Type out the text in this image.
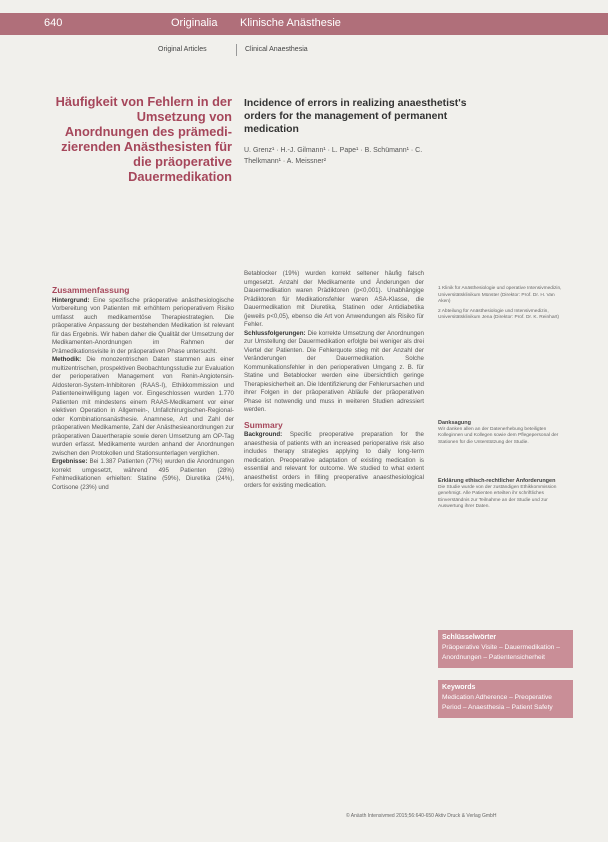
640	Originalia Klinische Anästhesie
Original Articles	Clinical Anaesthesia
Häufigkeit von Fehlern in der Umsetzung von Anordnungen des prämedi-zierenden Anästhesisten für die präoperative Dauermedikation
Incidence of errors in realizing anaesthetist's orders for the management of permanent medication
U. Grenz¹ · H.-J. Gilmann¹ · L. Pape¹ · B. Schümann¹ · C. Thelkmann¹ · A. Meissner²
Zusammenfassung

Hintergrund: Eine spezifische präoperative anästhesiologische Vorbereitung von Patienten mit erhöhtem perioperativem Risiko umfasst auch medikamentöse Therapiestrategien. Die präoperative Anpassung der bestehenden Medikation ist relevant für das Ergebnis. Wir haben daher die Qualität der Umsetzung der Medikamenten-Anordnungen im Rahmen der Prämedikationsvisite in der präoperativen Phase untersucht.

Methodik: Die monozentrischen Daten stammen aus einer multizentrischen, prospektiven Beobachtungsstudie zur Evaluation der perioperativen Management von Renin-Angiotensin-Aldosteron-System-Inhibitoren (RAAS-I), Ethikkommission und Patienteneinwilligung lagen vor. Eingeschlossen wurden 1.770 Patienten mit mindestens einem RAAS-Medikament vor einer elektiven Operation in Allgemein-, Unfallchirurgischen-Regional- oder Kombinationsanästhesie. Anamnese, Art und Zahl der präoperativen Medikamente, Zahl der Anästhesieanordnungen zur präoperativen Dauertherapie sowie deren Umsetzung am OP-Tag wurden erfasst. Medikamente wurden anhand der Anordnungen zwischen den Protokollen und Stationsunterlagen verglichen.

Ergebnisse: Bei 1.387 Patienten (77%) wurden die Anordnungen korrekt umgesetzt, während 495 Patienten (28%) Fehlmedikationen erhielten: Statine (59%), Diuretika (24%), Cortisone (23%) und

Betablocker (19%) wurden korrekt seltener häufig falsch umgesetzt. Anzahl der Medikamente und Änderungen der Dauermedikation waren Prädiktoren (p<0,001). Unabhängige Prädiktoren für Medikationsfehler waren ASA-Klasse, die Dauermedikation mit Diuretika, Statinen oder Antidiabetika (jeweils p<0,05), ebenso die Art von Anwendungen als Risiko für Fehler.

Schlussfolgerungen: Die korrekte Umsetzung der Anordnungen zur Umstellung der Dauermedikation erfolgte bei weniger als drei Viertel der Patienten. Die Fehlerquote stieg mit der Anzahl der Veränderungen der Dauermedikation. Solche Kommunikationsfehler in den perioperativen Umgang z. B. für Statine und Betablocker werden eine übersichtlich geringe Therapiesicherheit an. Die Identifizierung der Fehlerursachen und ihrer Folgen in der präoperativen Abläufe der präoperativen Phase ist notwendig und muss in weiteren Studien adressiert werden.

Summary

Background: Specific preoperative preparation for the anaesthesia of patients with an increased perioperative risk also includes therapy strategies applying to daily long-term medication. Preoperative adaptation of existing medication is essential and relevant for outcome. We studied to what extent anaesthetist orders in filling preoperative anaesthesiological orders for existing medication.

1 Klinik für Anästhesiologie und operative Intensivmedizin, Universitätsklinikum Münster (Direktor: Prof. Dr. H. Van Aken)
2 Abteilung für Anästhesiologie und Intensivmedizin, Universitätsklinikum Jena (Direktor: Prof. Dr. K. Reinhart)
Danksagung
Wir danken allen an der Datenerhebung beteiligten Kolleginnen und Kollegen sowie dem Pflegepersonal der Stationen für die Unterstützung der Studie.
Erklärung ethisch-rechtlicher Anforderungen
Die Studie wurde von der zuständigen Ethikkommission genehmigt. Alle Patienten erteilten ihr schriftliches Einverständnis zur Teilnahme an der Studie und zur Auswertung ihrer Daten.
Schlüsselwörter
Präoperative Visite – Dauermedikation – Anordnungen – Patientensicherheit
Keywords
Medication Adherence – Preoperative Period – Anaesthesia – Patient Safety
© Anästh Intensivmed 2015;56:640-650 Aktiv Druck & Verlag GmbH
